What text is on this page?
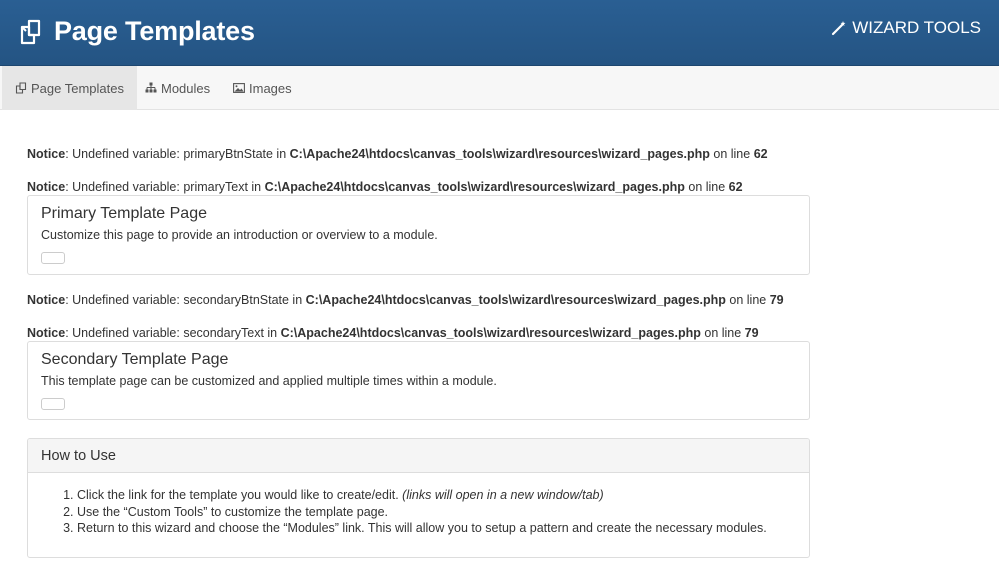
Page Templates	WIZARD TOOLS
Page Templates	Modules	Images
Notice: Undefined variable: primaryBtnState in C:\Apache24\htdocs\canvas_tools\wizard\resources\wizard_pages.php on line 62
Notice: Undefined variable: primaryText in C:\Apache24\htdocs\canvas_tools\wizard\resources\wizard_pages.php on line 62
Primary Template Page
Customize this page to provide an introduction or overview to a module.
Notice: Undefined variable: secondaryBtnState in C:\Apache24\htdocs\canvas_tools\wizard\resources\wizard_pages.php on line 79
Notice: Undefined variable: secondaryText in C:\Apache24\htdocs\canvas_tools\wizard\resources\wizard_pages.php on line 79
Secondary Template Page
This template page can be customized and applied multiple times within a module.
How to Use
1. Click the link for the template you would like to create/edit. (links will open in a new window/tab)
2. Use the “Custom Tools” to customize the template page.
3. Return to this wizard and choose the “Modules” link. This will allow you to setup a pattern and create the necessary modules.
